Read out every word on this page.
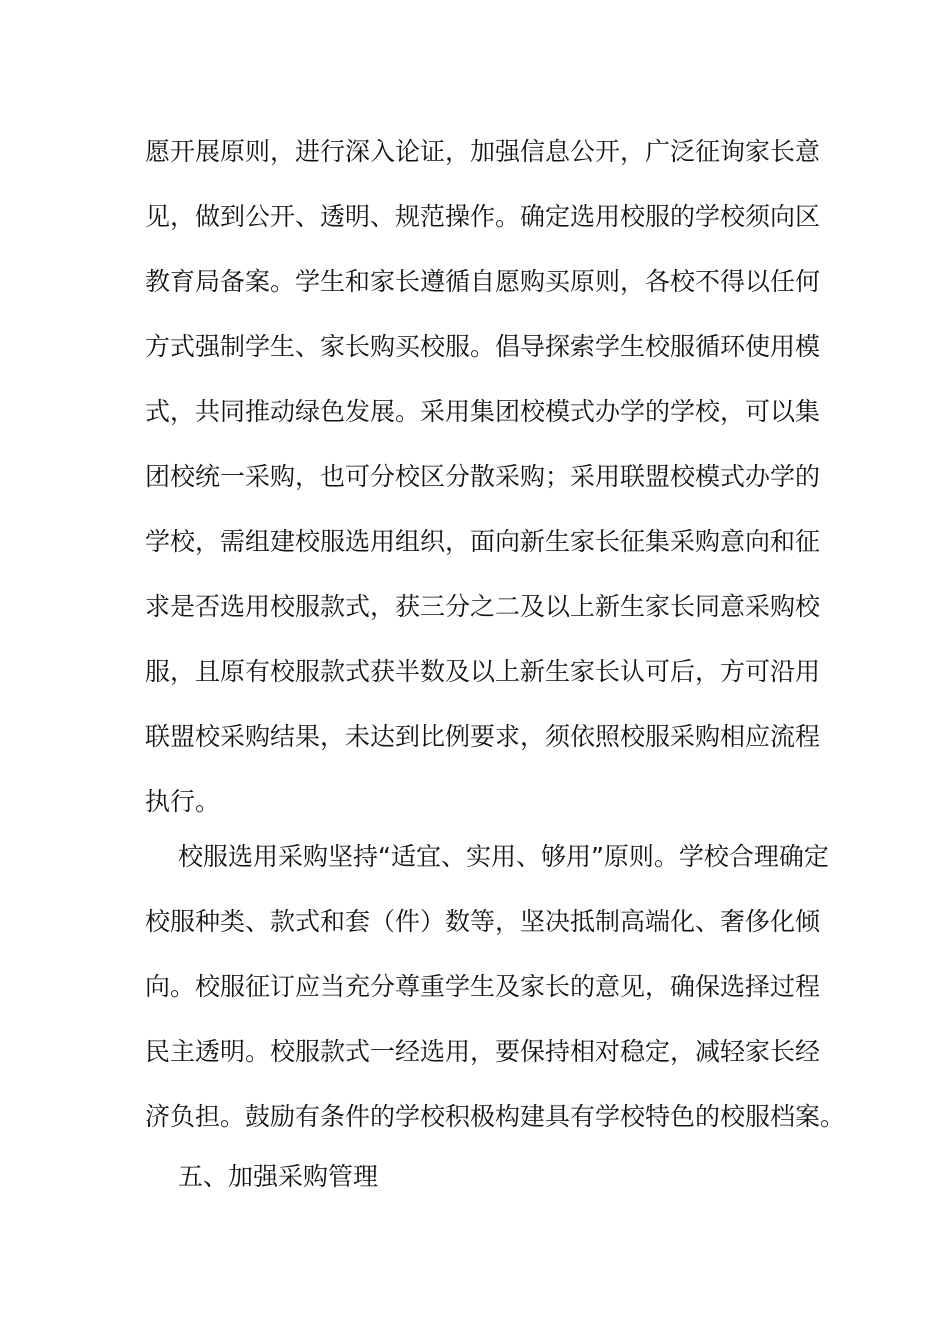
愿开展原则，进行深入论证，加强信息公开，广泛征询家长意
见，做到公开、透明、规范操作。确定选用校服的学校须向区
教育局备案。学生和家长遵循自愿购买原则，各校不得以任何
方式强制学生、家长购买校服。倡导探索学生校服循环使用模
式，共同推动绿色发展。采用集团校模式办学的学校，可以集
团校统一采购，也可分校区分散采购；采用联盟校模式办学的
学校，需组建校服选用组织，面向新生家长征集采购意向和征
求是否选用校服款式，获三分之二及以上新生家长同意采购校
服，且原有校服款式获半数及以上新生家长认可后，方可沿用
联盟校采购结果，未达到比例要求，须依照校服采购相应流程
执行。
校服选用采购坚持“适宜、实用、够用”原则。学校合理确定
校服种类、款式和套（件）数等，坚决抵制高端化、奢侈化倾
向。校服征订应当充分尊重学生及家长的意见，确保选择过程
民主透明。校服款式一经选用，要保持相对稳定，减轻家长经
济负担。鼓励有条件的学校积极构建具有学校特色的校服档案。
五、加强采购管理
